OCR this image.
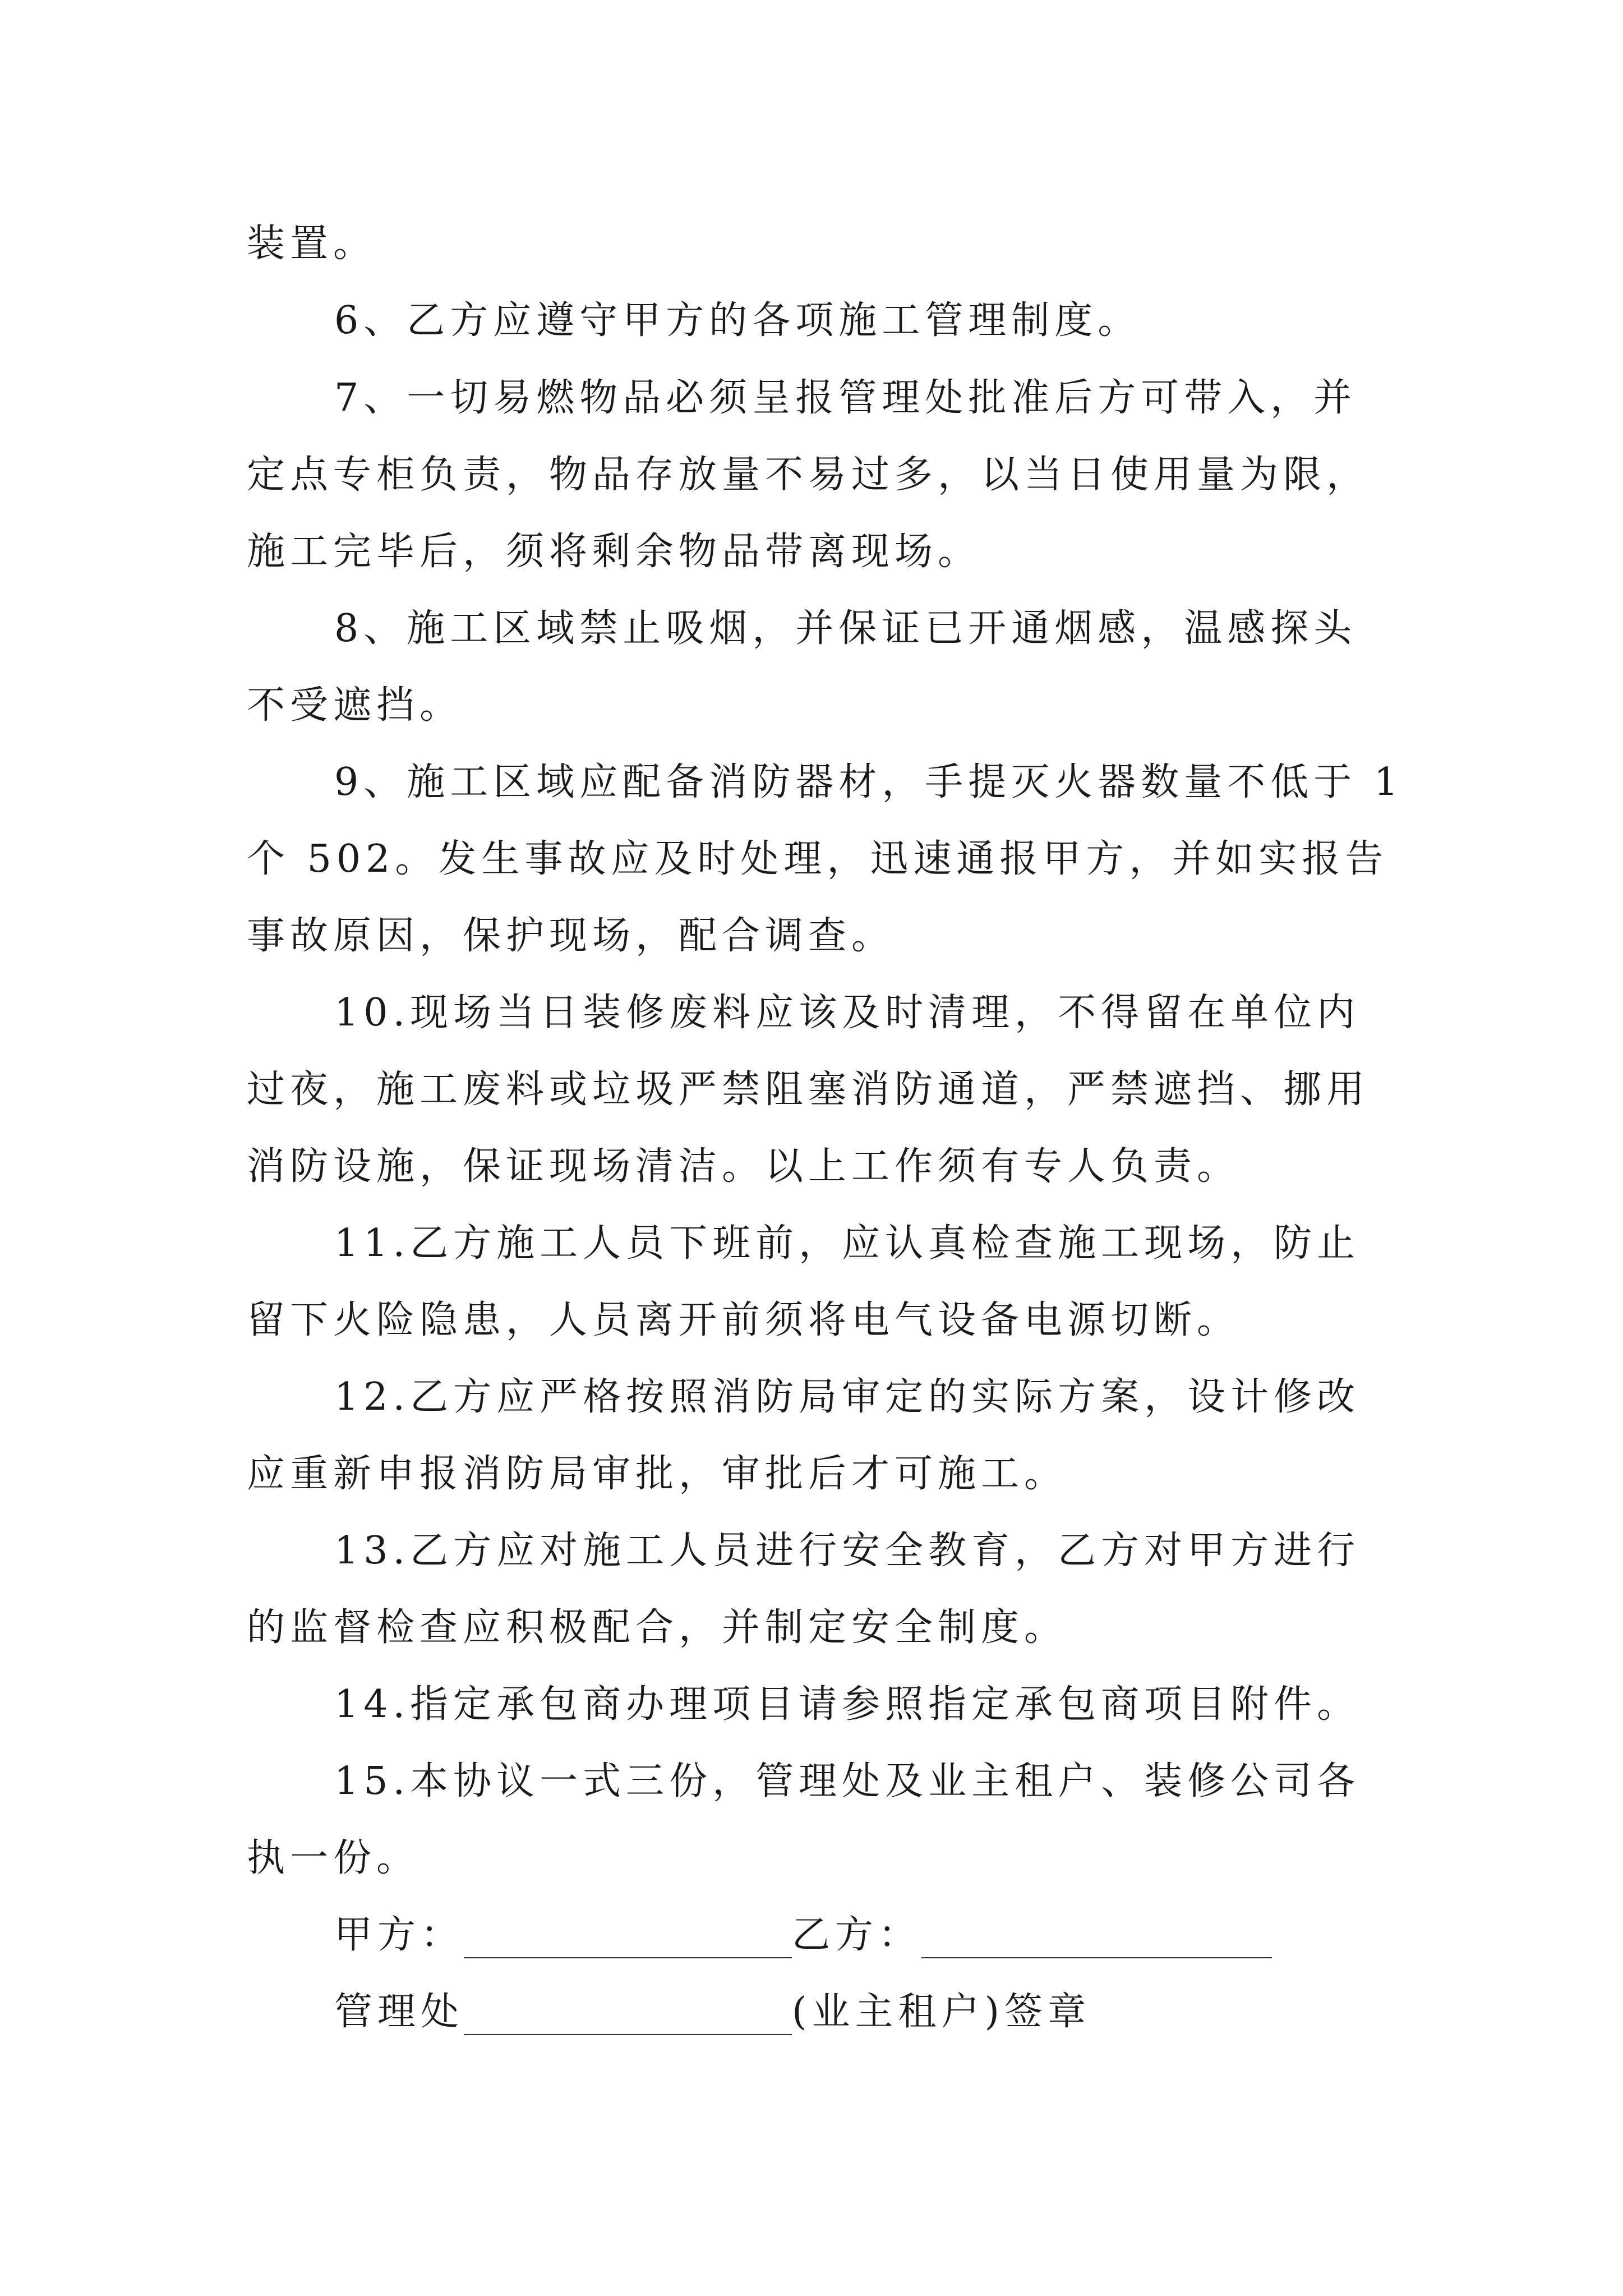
装置。
6、乙方应遵守甲方的各项施工管理制度。
7、一切易燃物品必须呈报管理处批准后方可带入，并
定点专柜负责，物品存放量不易过多，以当日使用量为限，
施工完毕后，须将剩余物品带离现场。
8、施工区域禁止吸烟，并保证已开通烟感，温感探头
不受遮挡。
9、施工区域应配备消防器材，手提灭火器数量不低于 1
个 502。发生事故应及时处理，迅速通报甲方，并如实报告
事故原因，保护现场，配合调查。
10.现场当日装修废料应该及时清理，不得留在单位内
过夜，施工废料或垃圾严禁阻塞消防通道，严禁遮挡、挪用
消防设施，保证现场清洁。以上工作须有专人负责。
11.乙方施工人员下班前，应认真检查施工现场，防止
留下火险隐患，人员离开前须将电气设备电源切断。
12.乙方应严格按照消防局审定的实际方案，设计修改
应重新申报消防局审批，审批后才可施工。
13.乙方应对施工人员进行安全教育，乙方对甲方进行
的监督检查应积极配合，并制定安全制度。
14.指定承包商办理项目请参照指定承包商项目附件。
15.本协议一式三份，管理处及业主租户、装修公司各
执一份。
甲方：	乙方：
管理处	(业主租户)签章
